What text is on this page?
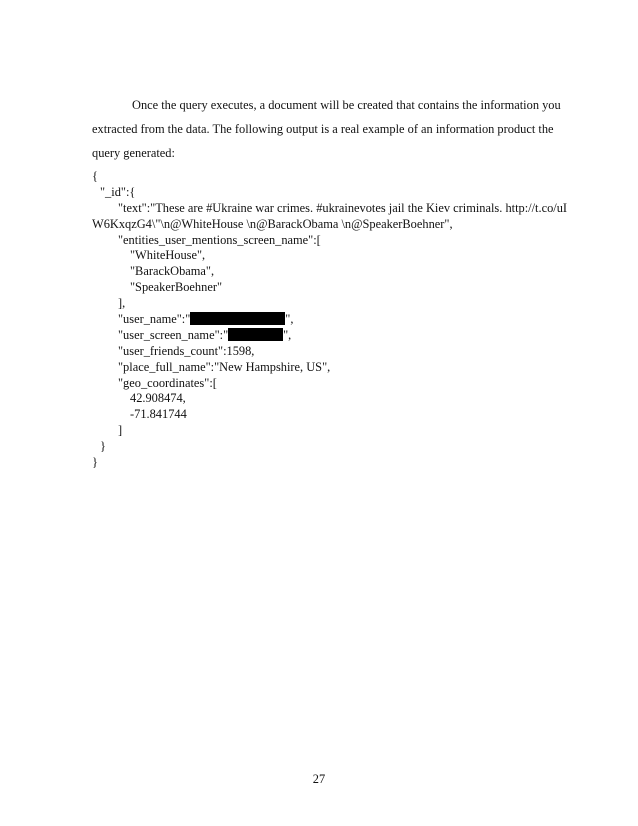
Once the query executes, a document will be created that contains the information you

extracted from the data. The following output is a real example of an information product the

query generated:

{
"_id":{
"text":"These are #Ukraine war crimes. #ukrainevotes jail the Kiev criminals. http://t.co/uI
W6KxqzG4\"\n@WhiteHouse \n@BarackObama \n@SpeakerBoehner",
"entities_user_mentions_screen_name":[
"WhiteHouse",
"BarackObama",
"SpeakerBoehner"
],
"user_name":"	",
"user_screen_name":"	",
"user_friends_count":1598,
"place_full_name":"New Hampshire, US",
"geo_coordinates":[
42.908474,
-71.841744
]
}
}
27
